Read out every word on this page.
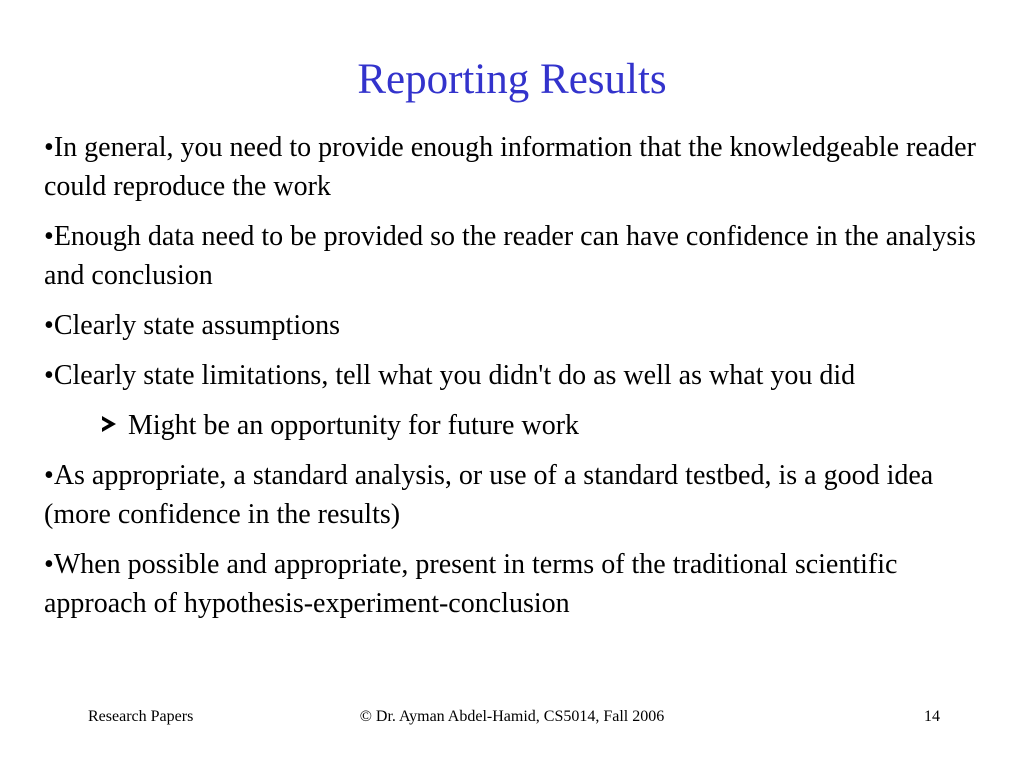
Reporting Results
•In general, you need to provide enough information that the knowledgeable reader could reproduce the work
•Enough data need to be provided so the reader can have confidence in the analysis and conclusion
•Clearly state assumptions
•Clearly state limitations, tell what you didn't do as well as what you did
Might be an opportunity for future work
•As appropriate, a standard analysis, or use of a standard testbed, is a good idea (more confidence in the results)
•When possible and appropriate, present in terms of the traditional scientific approach of hypothesis-experiment-conclusion
Research Papers	© Dr. Ayman Abdel-Hamid, CS5014, Fall 2006	14
